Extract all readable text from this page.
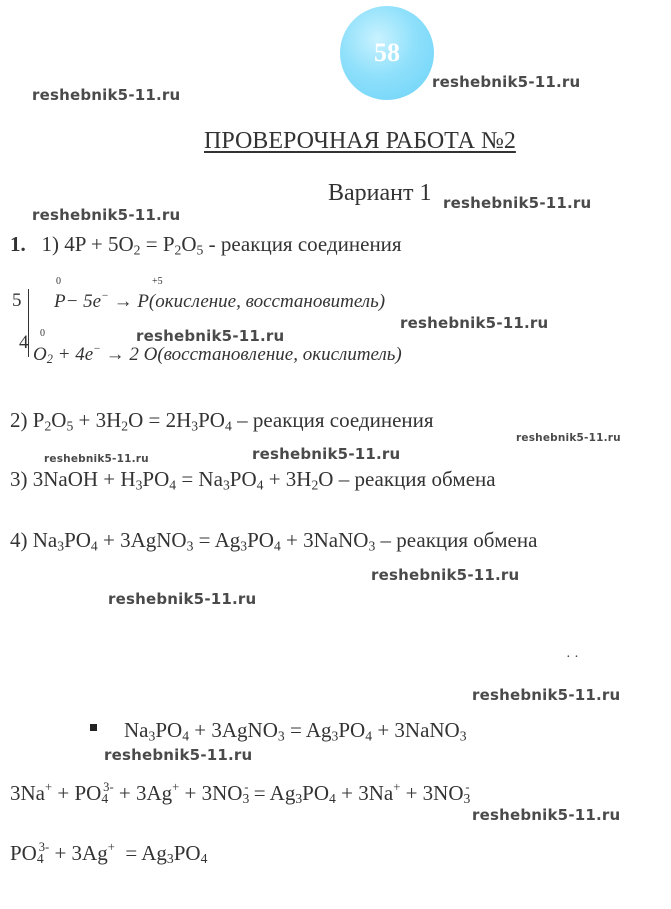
58
reshebnik5-11.ru
reshebnik5-11.ru
reshebnik5-11.ru
reshebnik5-11.ru
reshebnik5-11.ru
reshebnik5-11.ru
reshebnik5-11.ru
reshebnik5-11.ru	reshebnik5-11.ru
reshebnik5-11.ru
reshebnik5-11.ru
reshebnik5-11.ru
reshebnik5-11.ru
reshebnik5-11.ru
ПРОВЕРОЧНАЯ РАБОТА №2
Вариант 1
1. 1) $4P + 5O_2 = P_2O_5$ - реакция соединения
5
4
0	+5
P− 5e− → P(окисление, восстановитель)
0
$O_2 + 4e^- \to 2$ O(восстановление, окислитель)
2) $P_2O_5 + 3H_2O = 2H_3PO_4$ – реакция соединения
3) 3NaOH + $H_3PO_4 = Na_3PO_4 + 3H_2O$ – реакция обмена
4) $Na_3PO_4$ + 3AgNO$_3$ = $Ag_3PO_4$ + 3NaNO$_3$ – реакция обмена
· ·
$Na_3PO_4$ + 3AgNO$_3$ = $Ag_3PO_4$ + 3NaNO$_3$
$3Na^+ + PO_4^{3-} + 3Ag^+ + 3NO_3^- = Ag_3PO_4 + 3Na^+ + 3NO_3^-$
$PO_4^{3-} + 3Ag^+ = Ag_3PO_4$
